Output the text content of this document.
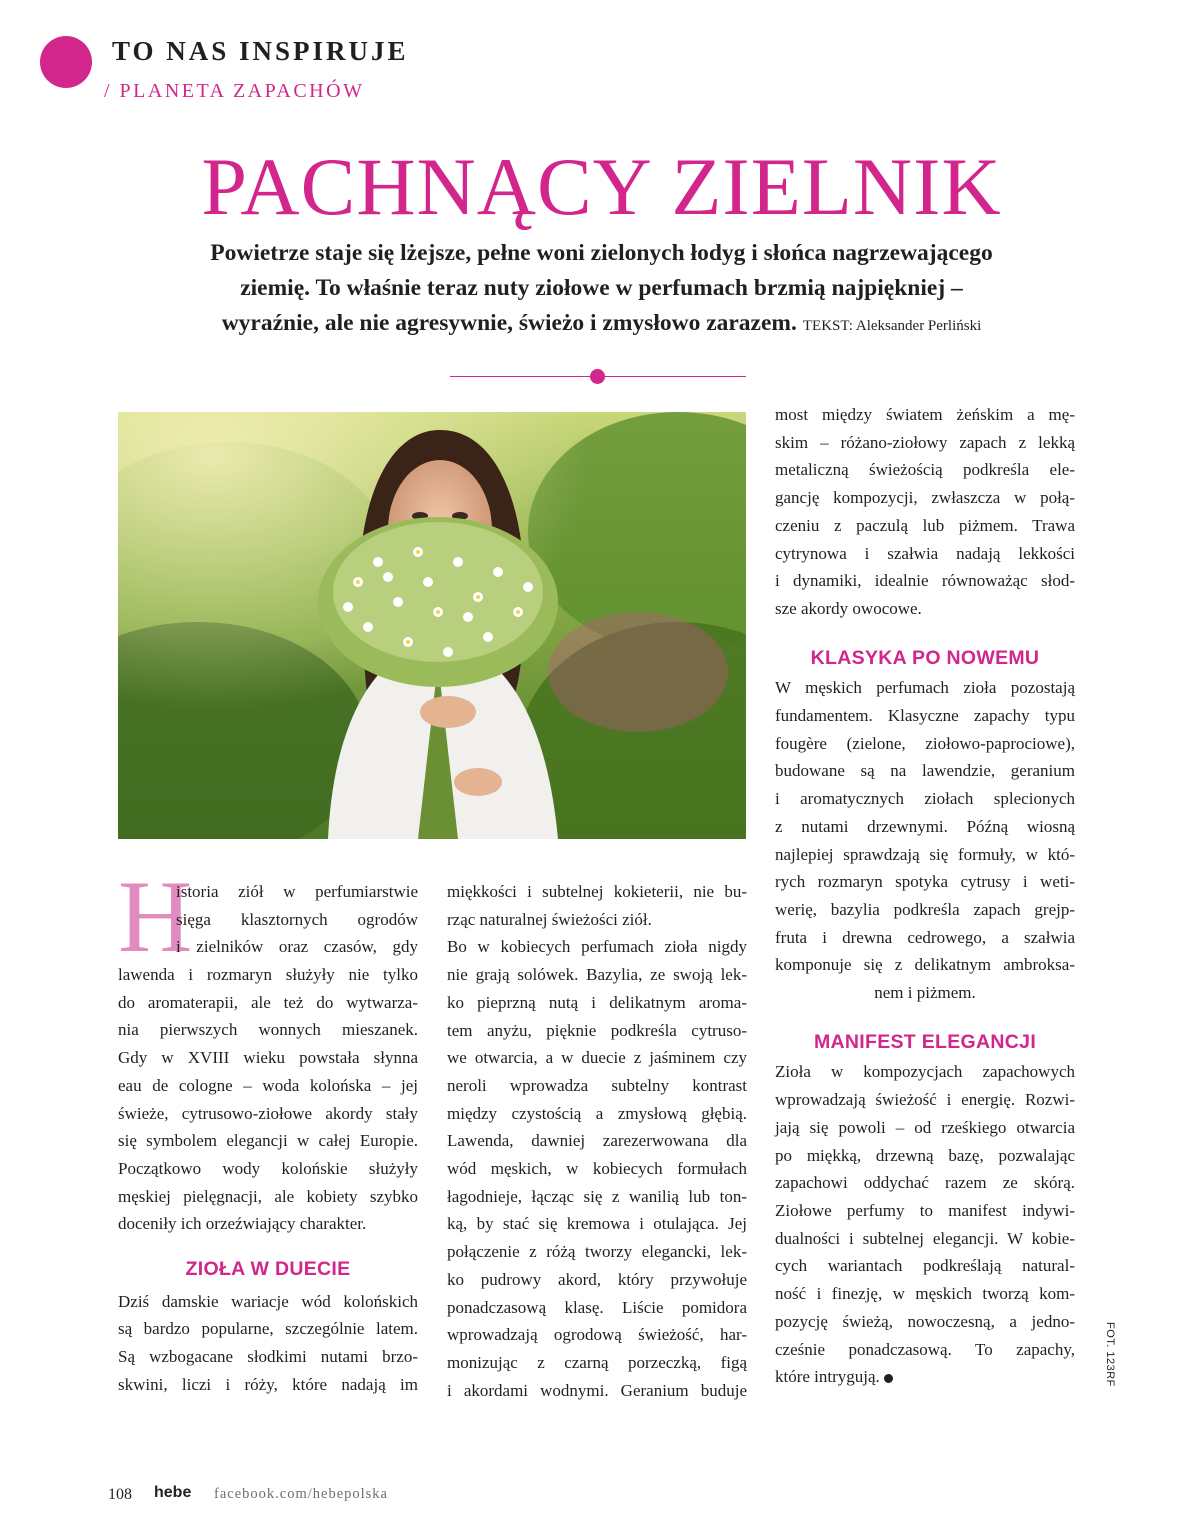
TO NAS INSPIRUJE
/ PLANETA ZAPACHÓW
PACHNĄCY ZIELNIK
Powietrze staje się lżejsze, pełne woni zielonych łodyg i słońca nagrzewającego
ziemię. To właśnie teraz nuty ziołowe w perfumach brzmią najpiękniej –
wyraźnie, ale nie agresywnie, świeżo i zmysłowo zarazem. TEKST: Aleksander Perliński
H
istoria ziół w perfumiarstwie
sięga klasztornych ogrodów
i zielników oraz czasów, gdy

lawenda i rozmaryn służyły nie tylko
do aromaterapii, ale też do wytwarza-
nia pierwszych wonnych mieszanek.
Gdy w XVIII wieku powstała słynna
eau de cologne – woda kolońska – jej
świeże, cytrusowo-ziołowe akordy stały
się symbolem elegancji w całej Europie.
Początkowo wody kolońskie służyły
męskiej pielęgnacji, ale kobiety szybko
doceniły ich orzeźwiający charakter.

ZIOŁA W DUECIE

Dziś damskie wariacje wód kolońskich
są bardzo popularne, szczególnie latem.
Są wzbogacane słodkimi nutami brzo-
skwini, liczi i róży, które nadają im

miękkości i subtelnej kokieterii, nie bu-
rząc naturalnej świeżości ziół.

Bo w kobiecych perfumach zioła nigdy
nie grają solówek. Bazylia, ze swoją lek-
ko pieprzną nutą i delikatnym aroma-
tem anyżu, pięknie podkreśla cytruso-
we otwarcia, a w duecie z jaśminem czy
neroli wprowadza subtelny kontrast
między czystością a zmysłową głębią.
Lawenda, dawniej zarezerwowana dla
wód męskich, w kobiecych formułach
łagodnieje, łącząc się z wanilią lub ton-
ką, by stać się kremowa i otulająca. Jej
połączenie z różą tworzy elegancki, lek-
ko pudrowy akord, który przywołuje
ponadczasową klasę. Liście pomidora
wprowadzają ogrodową świeżość, har-
monizując z czarną porzeczką, figą
i akordami wodnymi. Geranium buduje

most między światem żeńskim a mę-
skim – różano-ziołowy zapach z lekką
metaliczną świeżością podkreśla ele-
gancję kompozycji, zwłaszcza w połą-
czeniu z paczulą lub piżmem. Trawa
cytrynowa i szałwia nadają lekkości
i dynamiki, idealnie równoważąc słod-
sze akordy owocowe.

KLASYKA PO NOWEMU

W męskich perfumach zioła pozostają
fundamentem. Klasyczne zapachy typu
fougère (zielone, ziołowo-paprociowe),
budowane są na lawendzie, geranium
i aromatycznych ziołach splecionych
z nutami drzewnymi. Późną wiosną
najlepiej sprawdzają się formuły, w któ-
rych rozmaryn spotyka cytrusy i weti-
werię, bazylia podkreśla zapach grejp-
fruta i drewna cedrowego, a szałwia
komponuje się z delikatnym ambroksa-
nem i piżmem.

MANIFEST ELEGANCJI

Zioła w kompozycjach zapachowych
wprowadzają świeżość i energię. Rozwi-
jają się powoli – od rześkiego otwarcia
po miękką, drzewną bazę, pozwalając
zapachowi oddychać razem ze skórą.
Ziołowe perfumy to manifest indywi-
dualności i subtelnej elegancji. W kobie-
cych wariantach podkreślają natural-
ność i finezję, w męskich tworzą kom-
pozycję świeżą, nowoczesną, a jedno-
cześnie ponadczasową. To zapachy,
które intrygują.	FOT. 123RF
108 hebe facebook.com/hebepolska
